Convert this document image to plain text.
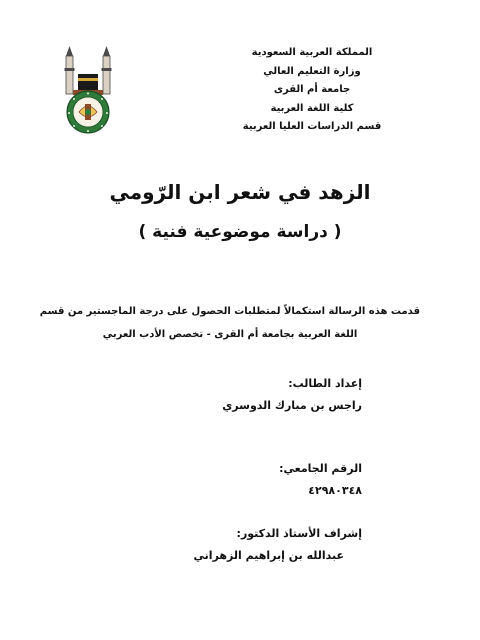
المملكة العربية السعودية
وزارة التعليم العالي
جامعة أم القرى
كلية اللغة العربية
قسم الدراسات العليا العربية
الزهد في شعر ابن الرّومي
( دراسة موضوعية فنية )
قدمت هذه الرسالة استكمالاً لمتطلبات الحصول على درجة الماجستير من قسم
اللغة العربية بجامعة أم القرى - تخصص الأدب العربي
إعداد الطالب:
راجس بن مبارك الدوسري
الرقم الجامعي:
٤٢٩٨٠٣٤٨
إشراف الأستاذ الدكتور:
عبدالله بن إبراهيم الزهراني
